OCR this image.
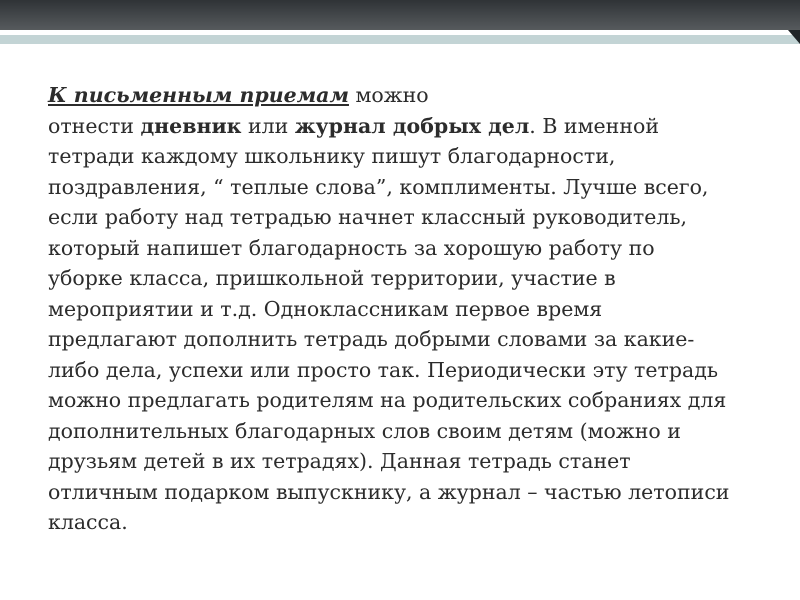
К письменным приемам можно
отнести дневник или журнал добрых дел. В именной
тетради каждому школьнику пишут благодарности,
поздравления, “ теплые слова”, комплименты. Лучше всего,
если работу над тетрадью начнет классный руководитель,
который напишет благодарность за хорошую работу по
уборке класса, пришкольной территории, участие в
мероприятии и т.д. Одноклассникам первое время
предлагают дополнить тетрадь добрыми словами за какие-
либо дела, успехи или просто так. Периодически эту тетрадь
можно предлагать родителям на родительских собраниях для
дополнительных благодарных слов своим детям (можно и
друзьям детей в их тетрадях). Данная тетрадь станет
отличным подарком выпускнику, а журнал – частью летописи
класса.
